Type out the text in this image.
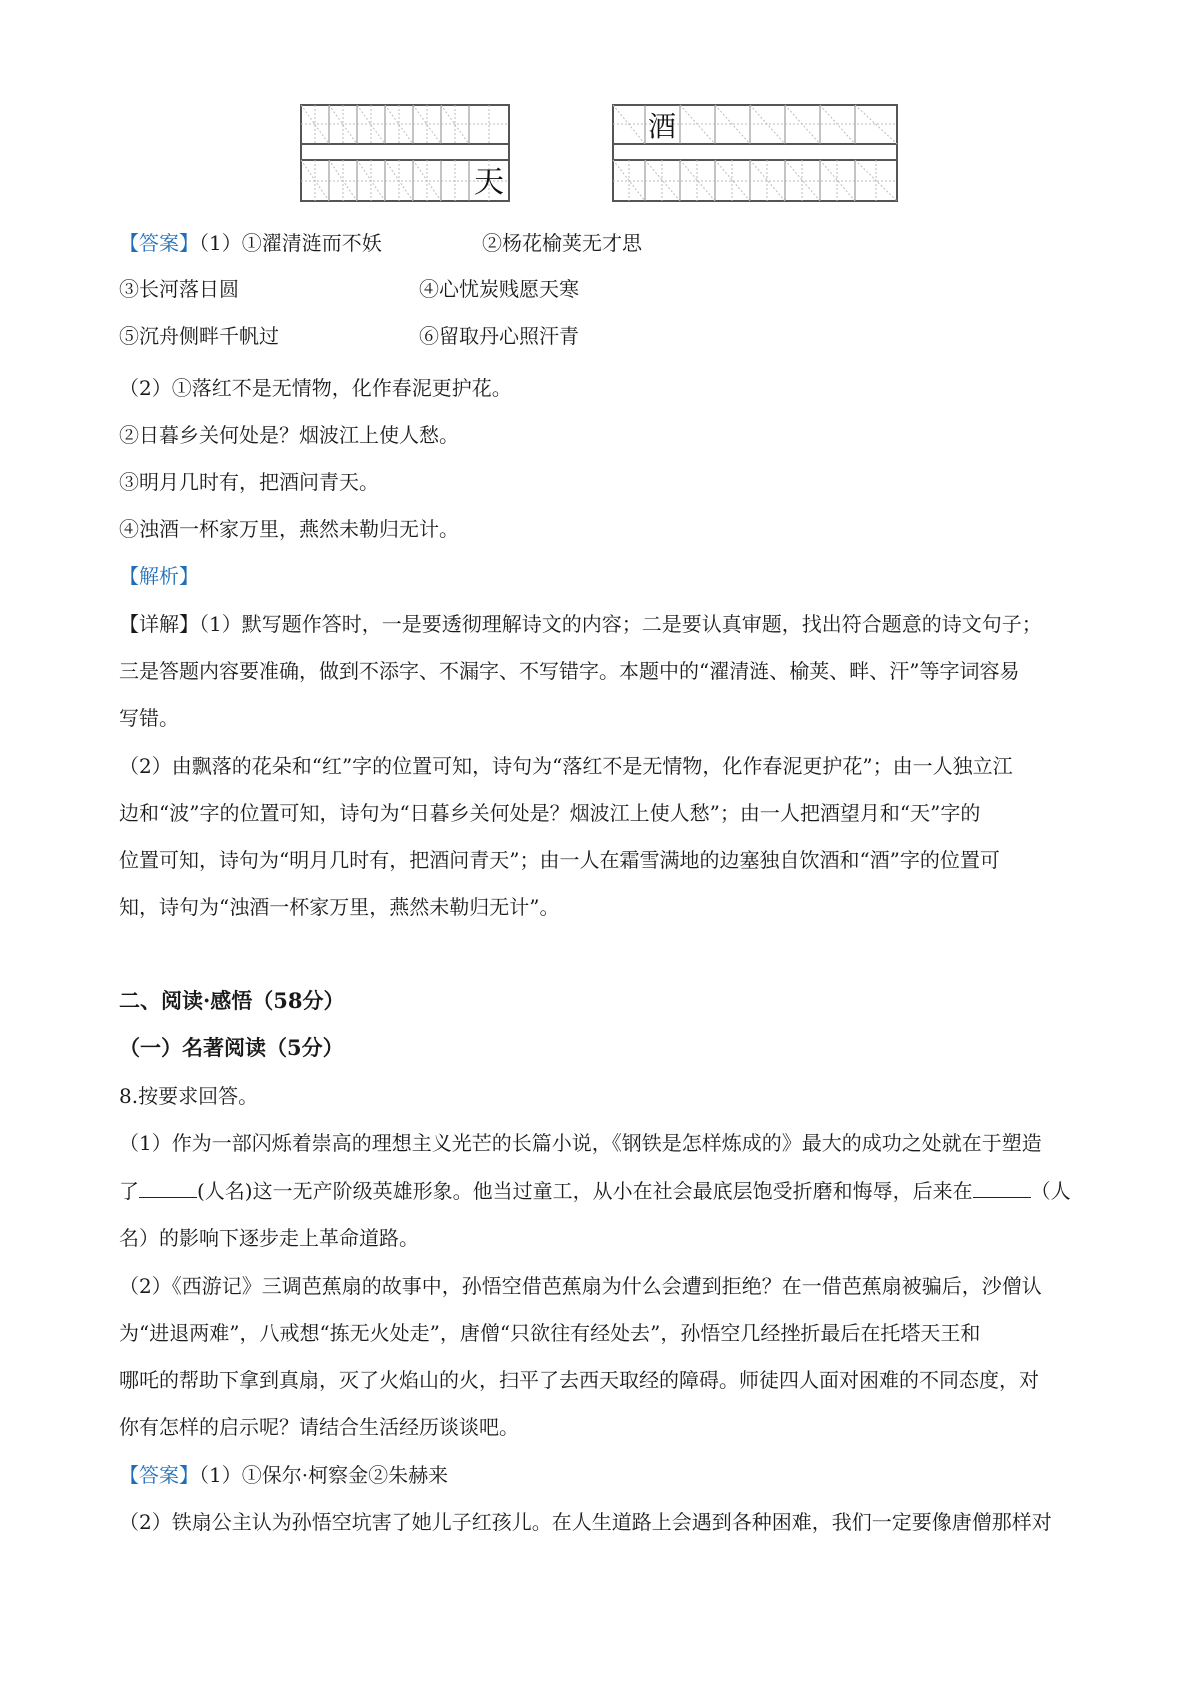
天
酒
【答案】（1）①濯清涟而不妖	②杨花榆荚无才思
③长河落日圆	④心忧炭贱愿天寒
⑤沉舟侧畔千帆过	⑥留取丹心照汗青
（2）①落红不是无情物，化作春泥更护花。
②日暮乡关何处是？烟波江上使人愁。
③明月几时有，把酒问青天。
④浊酒一杯家万里，燕然未勒归无计。
【解析】
【详解】（1）默写题作答时，一是要透彻理解诗文的内容；二是要认真审题，找出符合题意的诗文句子；
三是答题内容要准确，做到不添字、不漏字、不写错字。本题中的“濯清涟、榆荚、畔、汗”等字词容易
写错。
（2）由飘落的花朵和“红”字的位置可知，诗句为“落红不是无情物，化作春泥更护花”；由一人独立江
边和“波”字的位置可知，诗句为“日暮乡关何处是？烟波江上使人愁”；由一人把酒望月和“天”字的
位置可知，诗句为“明月几时有，把酒问青天”；由一人在霜雪满地的边塞独自饮酒和“酒”字的位置可
知，诗句为“浊酒一杯家万里，燕然未勒归无计”。
二、阅读·感悟（58分）
（一）名著阅读（5分）
8.按要求回答。
（1）作为一部闪烁着崇高的理想主义光芒的长篇小说，《钢铁是怎样炼成的》最大的成功之处就在于塑造
了	(人名)这一无产阶级英雄形象。他当过童工，从小在社会最底层饱受折磨和悔辱，后来在	（人
名）的影响下逐步走上革命道路。
（2）《西游记》三调芭蕉扇的故事中，孙悟空借芭蕉扇为什么会遭到拒绝？在一借芭蕉扇被骗后，沙僧认
为“进退两难”，八戒想“拣无火处走”，唐僧“只欲往有经处去”，孙悟空几经挫折最后在托塔天王和
哪吒的帮助下拿到真扇，灭了火焰山的火，扫平了去西天取经的障碍。师徒四人面对困难的不同态度，对
你有怎样的启示呢？请结合生活经历谈谈吧。
【答案】（1）①保尔·柯察金②朱赫来
（2）铁扇公主认为孙悟空坑害了她儿子红孩儿。在人生道路上会遇到各种困难，我们一定要像唐僧那样对
